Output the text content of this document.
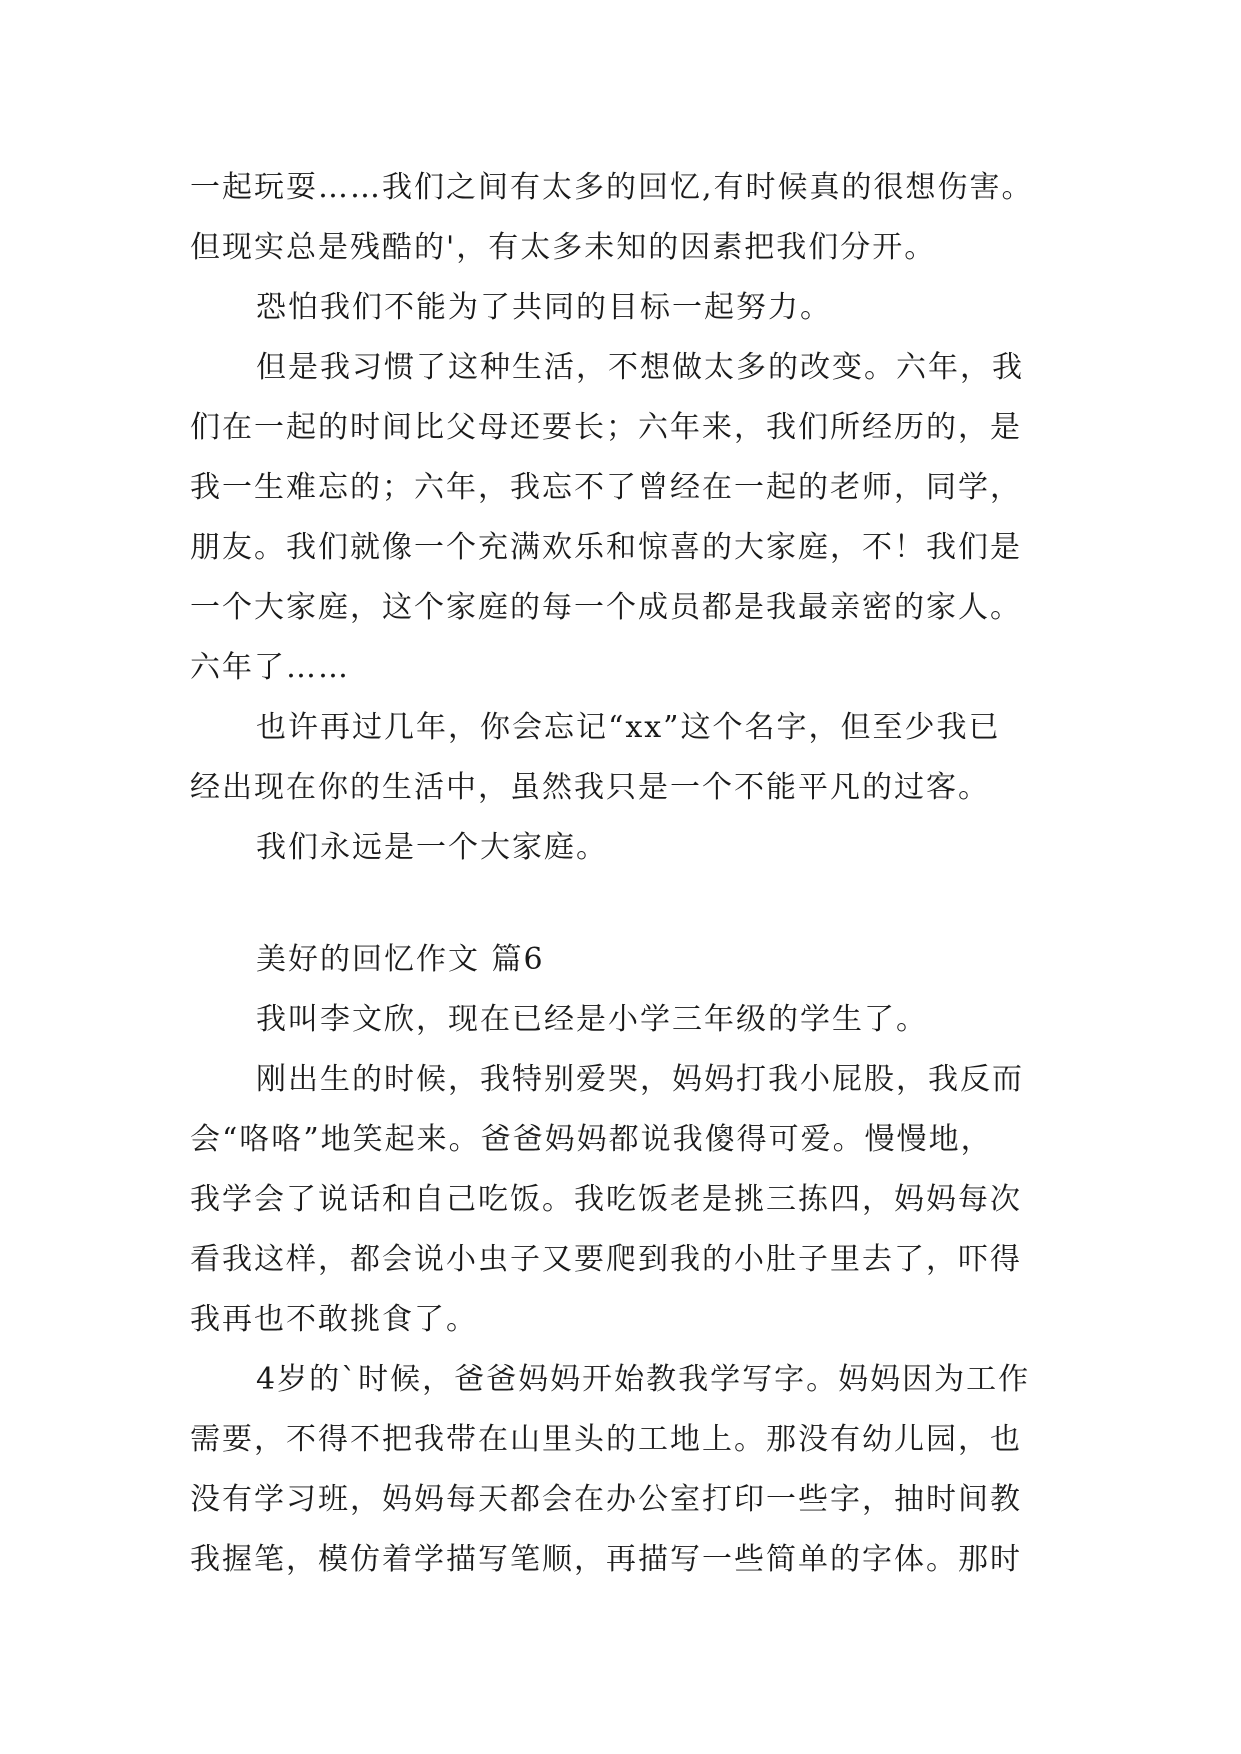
一起玩耍……我们之间有太多的回忆,有时候真的很想伤害。
但现实总是残酷的'，有太多未知的因素把我们分开。
恐怕我们不能为了共同的目标一起努力。
但是我习惯了这种生活，不想做太多的改变。六年，我
们在一起的时间比父母还要长；六年来，我们所经历的，是
我一生难忘的；六年，我忘不了曾经在一起的老师，同学，
朋友。我们就像一个充满欢乐和惊喜的大家庭，不！我们是
一个大家庭，这个家庭的每一个成员都是我最亲密的家人。
六年了……
也许再过几年，你会忘记“xx”这个名字，但至少我已
经出现在你的生活中，虽然我只是一个不能平凡的过客。
我们永远是一个大家庭。
美好的回忆作文 篇6
我叫李文欣，现在已经是小学三年级的学生了。
刚出生的时候，我特别爱哭，妈妈打我小屁股，我反而
会“咯咯”地笑起来。爸爸妈妈都说我傻得可爱。慢慢地，
我学会了说话和自己吃饭。我吃饭老是挑三拣四，妈妈每次
看我这样，都会说小虫子又要爬到我的小肚子里去了，吓得
我再也不敢挑食了。
4岁的`时候，爸爸妈妈开始教我学写字。妈妈因为工作
需要，不得不把我带在山里头的工地上。那没有幼儿园，也
没有学习班，妈妈每天都会在办公室打印一些字，抽时间教
我握笔，模仿着学描写笔顺，再描写一些简单的字体。那时
